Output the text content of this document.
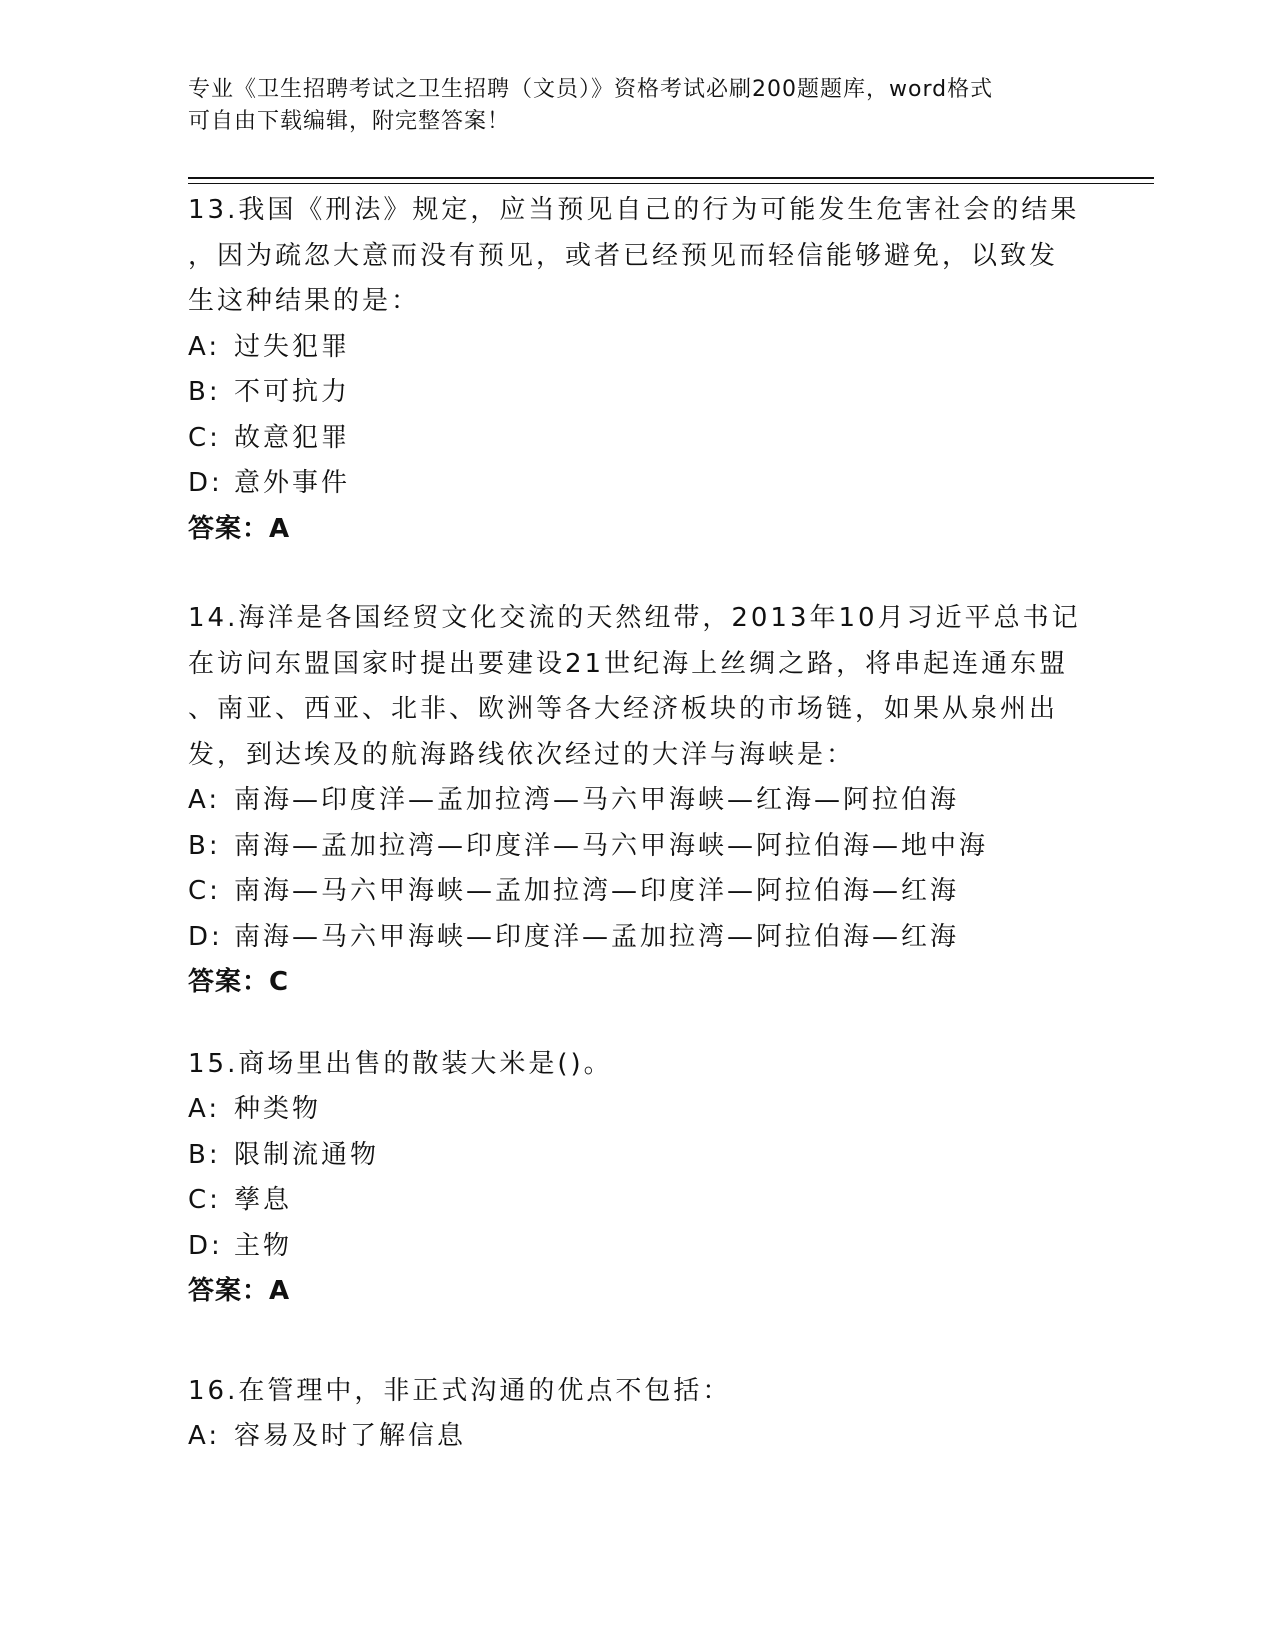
专业《卫生招聘考试之卫生招聘（文员）》资格考试必刷200题题库，word格式
可自由下载编辑，附完整答案！
13.我国《刑法》规定，应当预见自己的行为可能发生危害社会的结果
，因为疏忽大意而没有预见，或者已经预见而轻信能够避免，以致发
生这种结果的是：
A: 过失犯罪
B: 不可抗力
C: 故意犯罪
D: 意外事件
答案：A
14.海洋是各国经贸文化交流的天然纽带，2013年10月习近平总书记
在访问东盟国家时提出要建设21世纪海上丝绸之路，将串起连通东盟
、南亚、西亚、北非、欧洲等各大经济板块的市场链，如果从泉州出
发，到达埃及的航海路线依次经过的大洋与海峡是：
A: 南海—印度洋—孟加拉湾—马六甲海峡—红海—阿拉伯海
B: 南海—孟加拉湾—印度洋—马六甲海峡—阿拉伯海—地中海
C: 南海—马六甲海峡—孟加拉湾—印度洋—阿拉伯海—红海
D: 南海—马六甲海峡—印度洋—孟加拉湾—阿拉伯海—红海
答案：C
15.商场里出售的散装大米是()。
A: 种类物
B: 限制流通物
C: 孳息
D: 主物
答案：A
16.在管理中，非正式沟通的优点不包括：
A: 容易及时了解信息
